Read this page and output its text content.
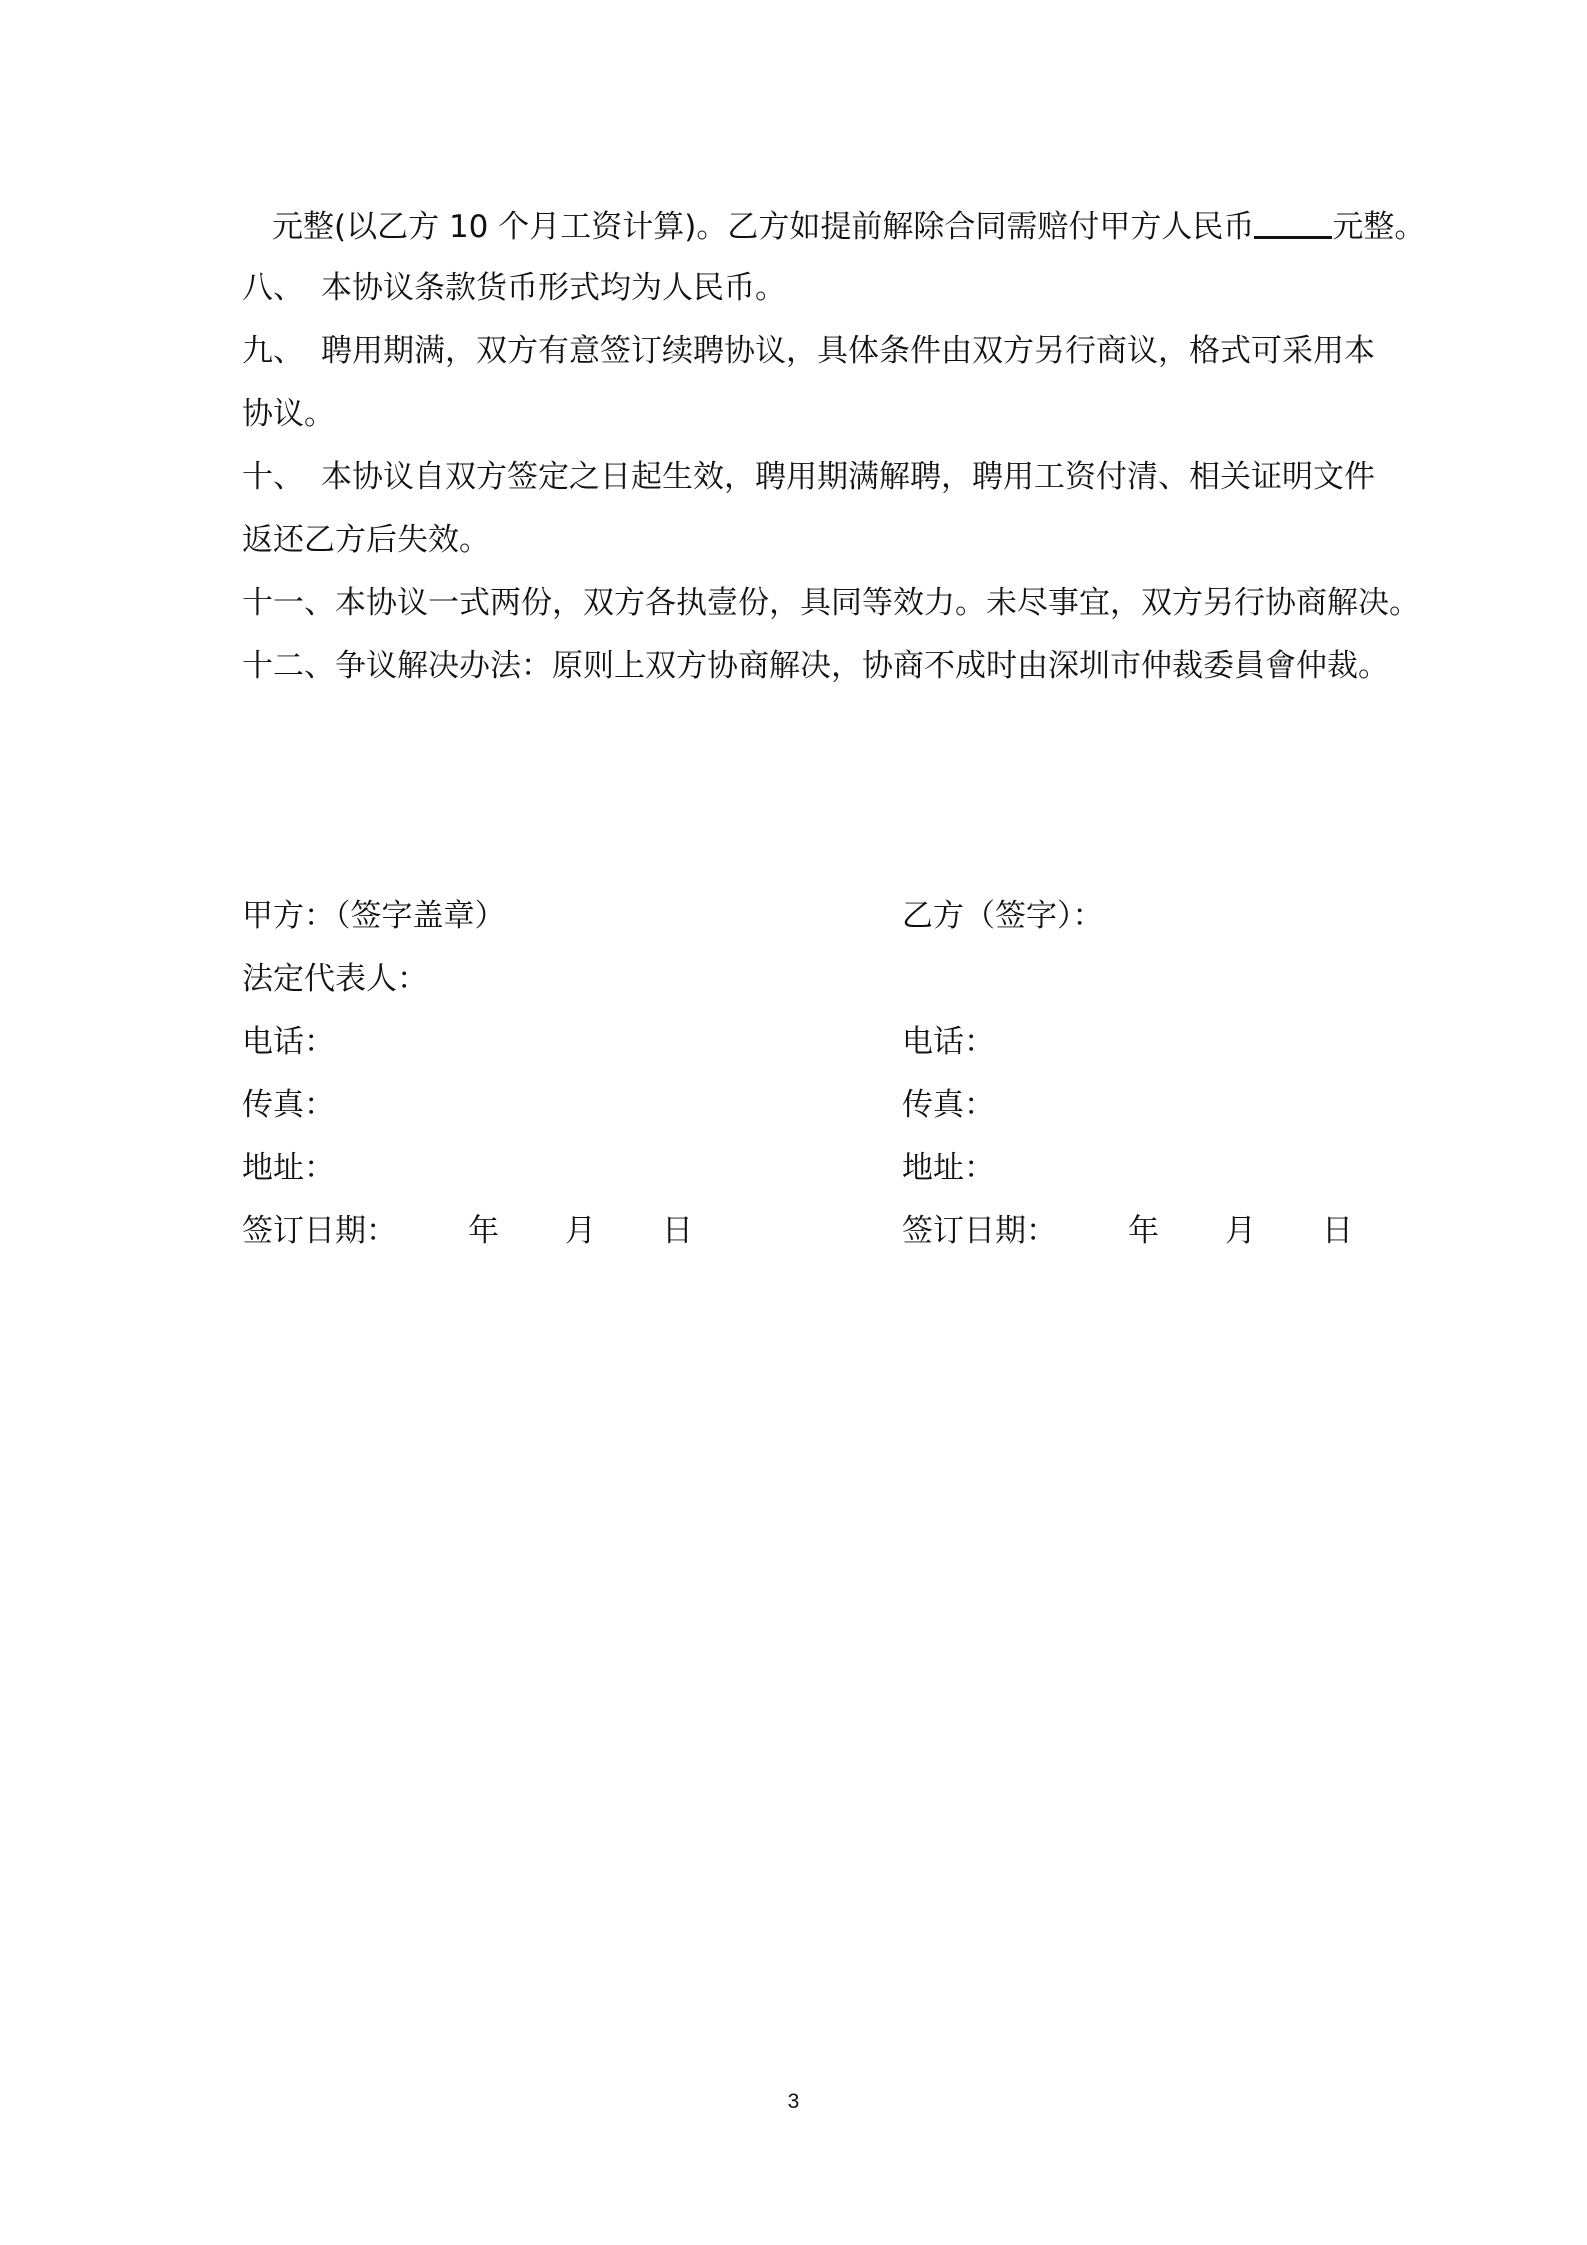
元整(以乙方 10 个月工资计算)。乙方如提前解除合同需赔付甲方人民币	元整。
八、 本协议条款货币形式均为人民币。
九、 聘用期满，双方有意签订续聘协议，具体条件由双方另行商议，格式可采用本
协议。
十、 本协议自双方签定之日起生效，聘用期满解聘，聘用工资付清、相关证明文件
返还乙方后失效。
十一、本协议一式两份，双方各执壹份，具同等效力。未尽事宜，双方另行协商解决。
十二、争议解决办法：原则上双方协商解决，协商不成时由深圳市仲裁委員會仲裁。
甲方：（签字盖章）
法定代表人：
电话：
传真：
地址：
签订日期： 年 月 日
乙方（签字）：
电话：
传真：
地址：
签订日期： 年 月 日
3
